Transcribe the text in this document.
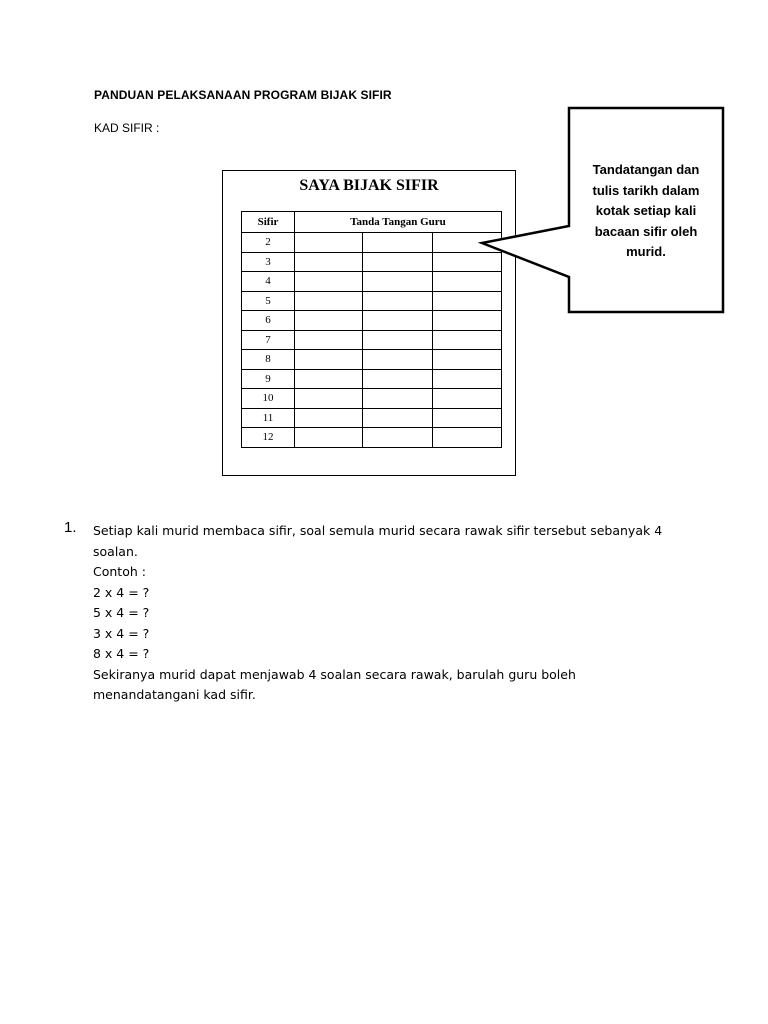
PANDUAN PELAKSANAAN PROGRAM BIJAK SIFIR
KAD SIFIR :
SAYA BIJAK SIFIR
Sifir	Tanda Tangan Guru		
2			
3			
4			
5			
6			
7			
8			
9			
10			
11			
12			
Tandatangan dan
tulis tarikh dalam
kotak setiap kali
bacaan sifir oleh
murid.
1. Setiap kali murid membaca sifir, soal semula murid secara rawak sifir tersebut sebanyak 4
soalan.
Contoh :
2 x 4 = ?
5 x 4 = ?
3 x 4 = ?
8 x 4 = ?
Sekiranya murid dapat menjawab 4 soalan secara rawak, barulah guru boleh
menandatangani kad sifir.
